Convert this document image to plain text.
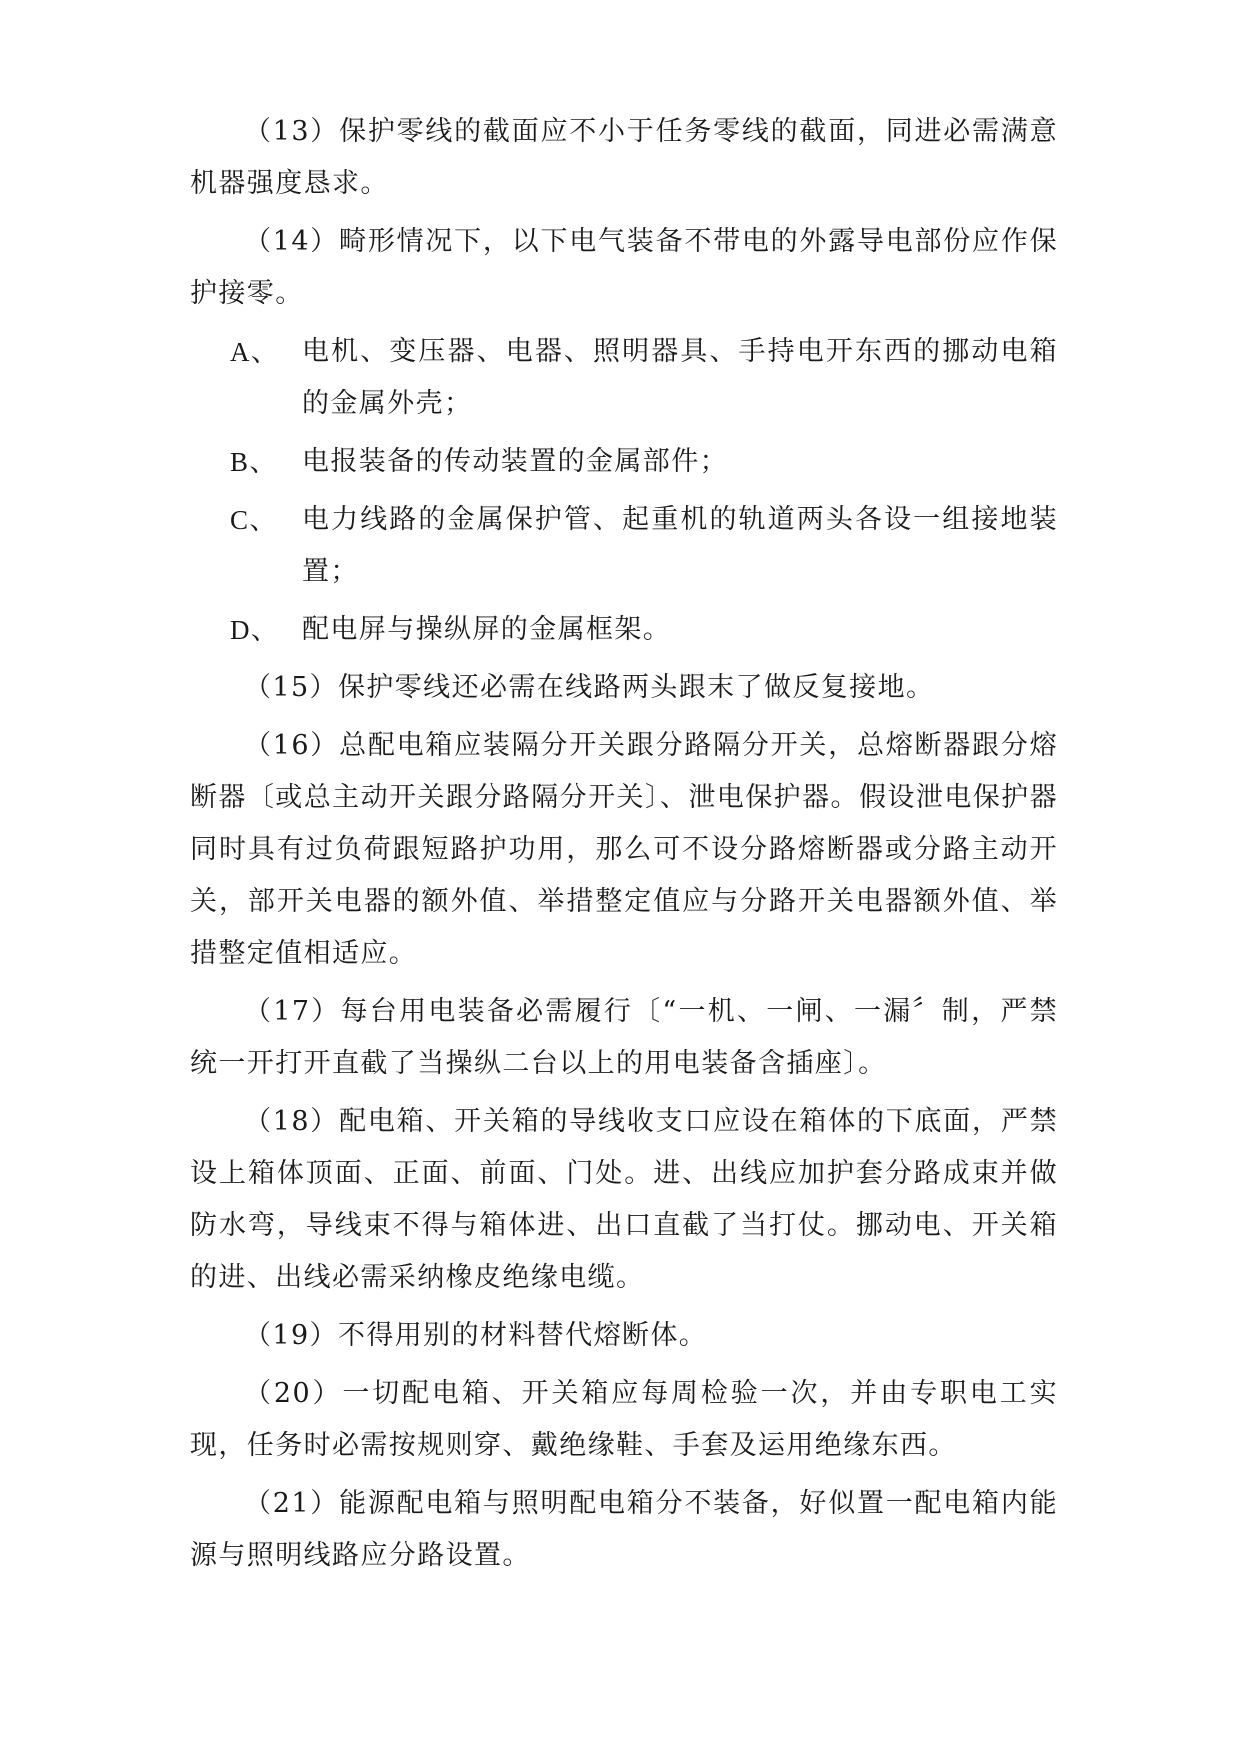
（13）保护零线的截面应不小于任务零线的截面，同进必需满意机器强度恳求。

（14）畸形情况下，以下电气装备不带电的外露导电部份应作保护接零。

A、 电机、变压器、电器、照明器具、手持电开东西的挪动电箱的金属外壳；
B、 电报装备的传动装置的金属部件；
C、 电力线路的金属保护管、起重机的轨道两头各设一组接地装置；
D、 配电屏与操纵屏的金属框架。

（15）保护零线还必需在线路两头跟末了做反复接地。

（16）总配电箱应装隔分开关跟分路隔分开关，总熔断器跟分熔断器〔或总主动开关跟分路隔分开关〕、泄电保护器。假设泄电保护器同时具有过负荷跟短路护功用，那么可不设分路熔断器或分路主动开关，部开关电器的额外值、举措整定值应与分路开关电器额外值、举措整定值相适应。

（17）每台用电装备必需履行〔“一机、一闸、一漏〞制，严禁统一开打开直截了当操纵二台以上的用电装备含插座〕。

（18）配电箱、开关箱的导线收支口应设在箱体的下底面，严禁设上箱体顶面、正面、前面、门处。进、出线应加护套分路成束并做防水弯，导线束不得与箱体进、出口直截了当打仗。挪动电、开关箱的进、出线必需采纳橡皮绝缘电缆。

（19）不得用别的材料替代熔断体。

（20）一切配电箱、开关箱应每周检验一次，并由专职电工实现，任务时必需按规则穿、戴绝缘鞋、手套及运用绝缘东西。

（21）能源配电箱与照明配电箱分不装备，好似置一配电箱内能源与照明线路应分路设置。
